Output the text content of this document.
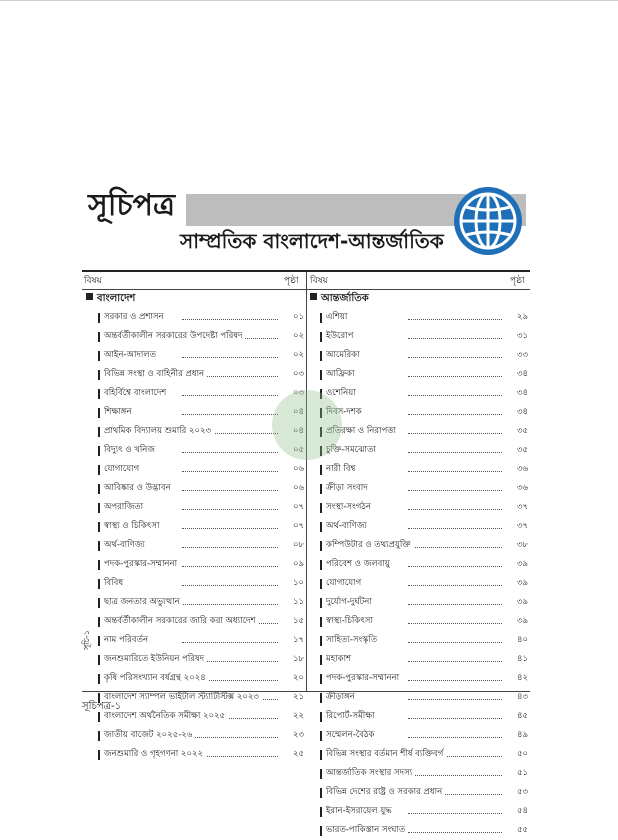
সূচিপত্র
সাম্প্রতিক বাংলাদেশ-আন্তর্জাতিক
বিষয়	পৃষ্ঠা বিষয়	পৃষ্ঠা
বাংলাদেশ	আন্তর্জাতিক
সরকার ও প্রশাসন	০১
অন্তর্বর্তীকালীন সরকারের উপদেষ্টা পরিষদ	০২
আইন-আদালত	০২
বিভিন্ন সংস্থা ও বাহিনীর প্রধান	০৩
বহির্বিশ্বে বাংলাদেশ	০৩
শিক্ষাঙ্গন	০৪
প্রাথমিক বিদ্যালয় শুমারি ২০২৩	০৪
বিদ্যুৎ ও খনিজ	০৫
যোগাযোগ	০৬
আবিষ্কার ও উদ্ভাবন	০৬
অপরাজিতা	০৭
স্বাস্থ্য ও চিকিৎসা	০৭
অর্থ-বাণিজ্য	০৮
পদক-পুরস্কার-সম্মাননা	০৯
বিবিধ	১০
ছাত্র জনতার অভ্যুত্থান	১১
অন্তর্বর্তীকালীন সরকারের জারি করা অধ্যাদেশ	১৫
নাম পরিবর্তন	১৭
জনশুমারিতে ইউনিয়ন পরিষদ	১৮
কৃষি পরিসংখ্যান বর্ষগ্রন্থ ২০২৪	২০
বাংলাদেশ স্যাম্পল ভাইটাল স্ট্যাটিস্টিক্স ২০২৩	২১
বাংলাদেশ অর্থনৈতিক সমীক্ষা ২০২৫	২২
জাতীয় বাজেট ২০২৫-২৬	২৩
জনশুমারি ও গৃহগণনা ২০২২	২৫
এশিয়া	২৯
ইউরোপ	৩১
আমেরিকা	৩৩
আফ্রিকা	৩৪
ওশেনিয়া	৩৪
দিবস-দশক	৩৪
প্রতিরক্ষা ও নিরাপত্তা	৩৫
চুক্তি-সমঝোতা	৩৫
নারী বিশ্ব	৩৬
ক্রীড়া সংবাদ	৩৬
সংস্থা-সংগঠন	৩৭
অর্থ-বাণিজ্য	৩৭
কম্পিউটার ও তথ্যপ্রযুক্তি	৩৮
পরিবেশ ও জলবায়ু	৩৯
যোগাযোগ	৩৯
দুর্যোগ-দুর্ঘটনা	৩৯
স্বাস্থ্য-চিকিৎসা	৩৯
সাহিত্য-সংস্কৃতি	৪০
মহাকাশ	৪১
পদক-পুরস্কার-সম্মাননা	৪২
ক্রীড়াঙ্গন	৪৩
রিপোর্ট-সমীক্ষা	৪৫
সম্মেলন-বৈঠক	৪৯
বিভিন্ন সংস্থার বর্তমান শীর্ষ ব্যক্তিবর্গ	৫০
আন্তর্জাতিক সংস্থার সদস্য	৫১
বিভিন্ন দেশের রাষ্ট্র ও সরকার প্রধান	৫৩
ইরান-ইসরায়েল যুদ্ধ	৫৪
ভারত-পাকিস্তান সংঘাত	৫৫
সূচিপত্র-১
সূচি-১
